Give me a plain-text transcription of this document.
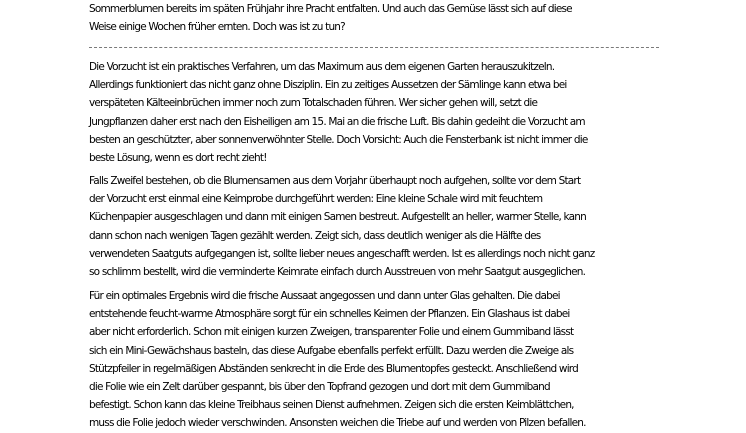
Sommerblumen bereits im späten Frühjahr ihre Pracht entfalten. Und auch das Gemüse lässt sich auf diese
Weise einige Wochen früher ernten. Doch was ist zu tun?

Die Vorzucht ist ein praktisches Verfahren, um das Maximum aus dem eigenen Garten herauszukitzeln.
Allerdings funktioniert das nicht ganz ohne Disziplin. Ein zu zeitiges Aussetzen der Sämlinge kann etwa bei
verspäteten Kälteeinbrüchen immer noch zum Totalschaden führen. Wer sicher gehen will, setzt die
Jungpflanzen daher erst nach den Eisheiligen am 15. Mai an die frische Luft. Bis dahin gedeiht die Vorzucht am
besten an geschützter, aber sonnenverwöhnter Stelle. Doch Vorsicht: Auch die Fensterbank ist nicht immer die
beste Lösung, wenn es dort recht zieht!

Falls Zweifel bestehen, ob die Blumensamen aus dem Vorjahr überhaupt noch aufgehen, sollte vor dem Start
der Vorzucht erst einmal eine Keimprobe durchgeführt werden: Eine kleine Schale wird mit feuchtem
Küchenpapier ausgeschlagen und dann mit einigen Samen bestreut. Aufgestellt an heller, warmer Stelle, kann
dann schon nach wenigen Tagen gezählt werden. Zeigt sich, dass deutlich weniger als die Hälfte des
verwendeten Saatguts aufgegangen ist, sollte lieber neues angeschafft werden. Ist es allerdings noch nicht ganz
so schlimm bestellt, wird die verminderte Keimrate einfach durch Ausstreuen von mehr Saatgut ausgeglichen.

Für ein optimales Ergebnis wird die frische Aussaat angegossen und dann unter Glas gehalten. Die dabei
entstehende feucht-warme Atmosphäre sorgt für ein schnelles Keimen der Pflanzen. Ein Glashaus ist dabei
aber nicht erforderlich. Schon mit einigen kurzen Zweigen, transparenter Folie und einem Gummiband lässt
sich ein Mini-Gewächshaus basteln, das diese Aufgabe ebenfalls perfekt erfüllt. Dazu werden die Zweige als
Stützpfeiler in regelmäßigen Abständen senkrecht in die Erde des Blumentopfes gesteckt. Anschließend wird
die Folie wie ein Zelt darüber gespannt, bis über den Topfrand gezogen und dort mit dem Gummiband
befestigt. Schon kann das kleine Treibhaus seinen Dienst aufnehmen. Zeigen sich die ersten Keimblättchen,
muss die Folie jedoch wieder verschwinden. Ansonsten weichen die Triebe auf und werden von Pilzen befallen.
